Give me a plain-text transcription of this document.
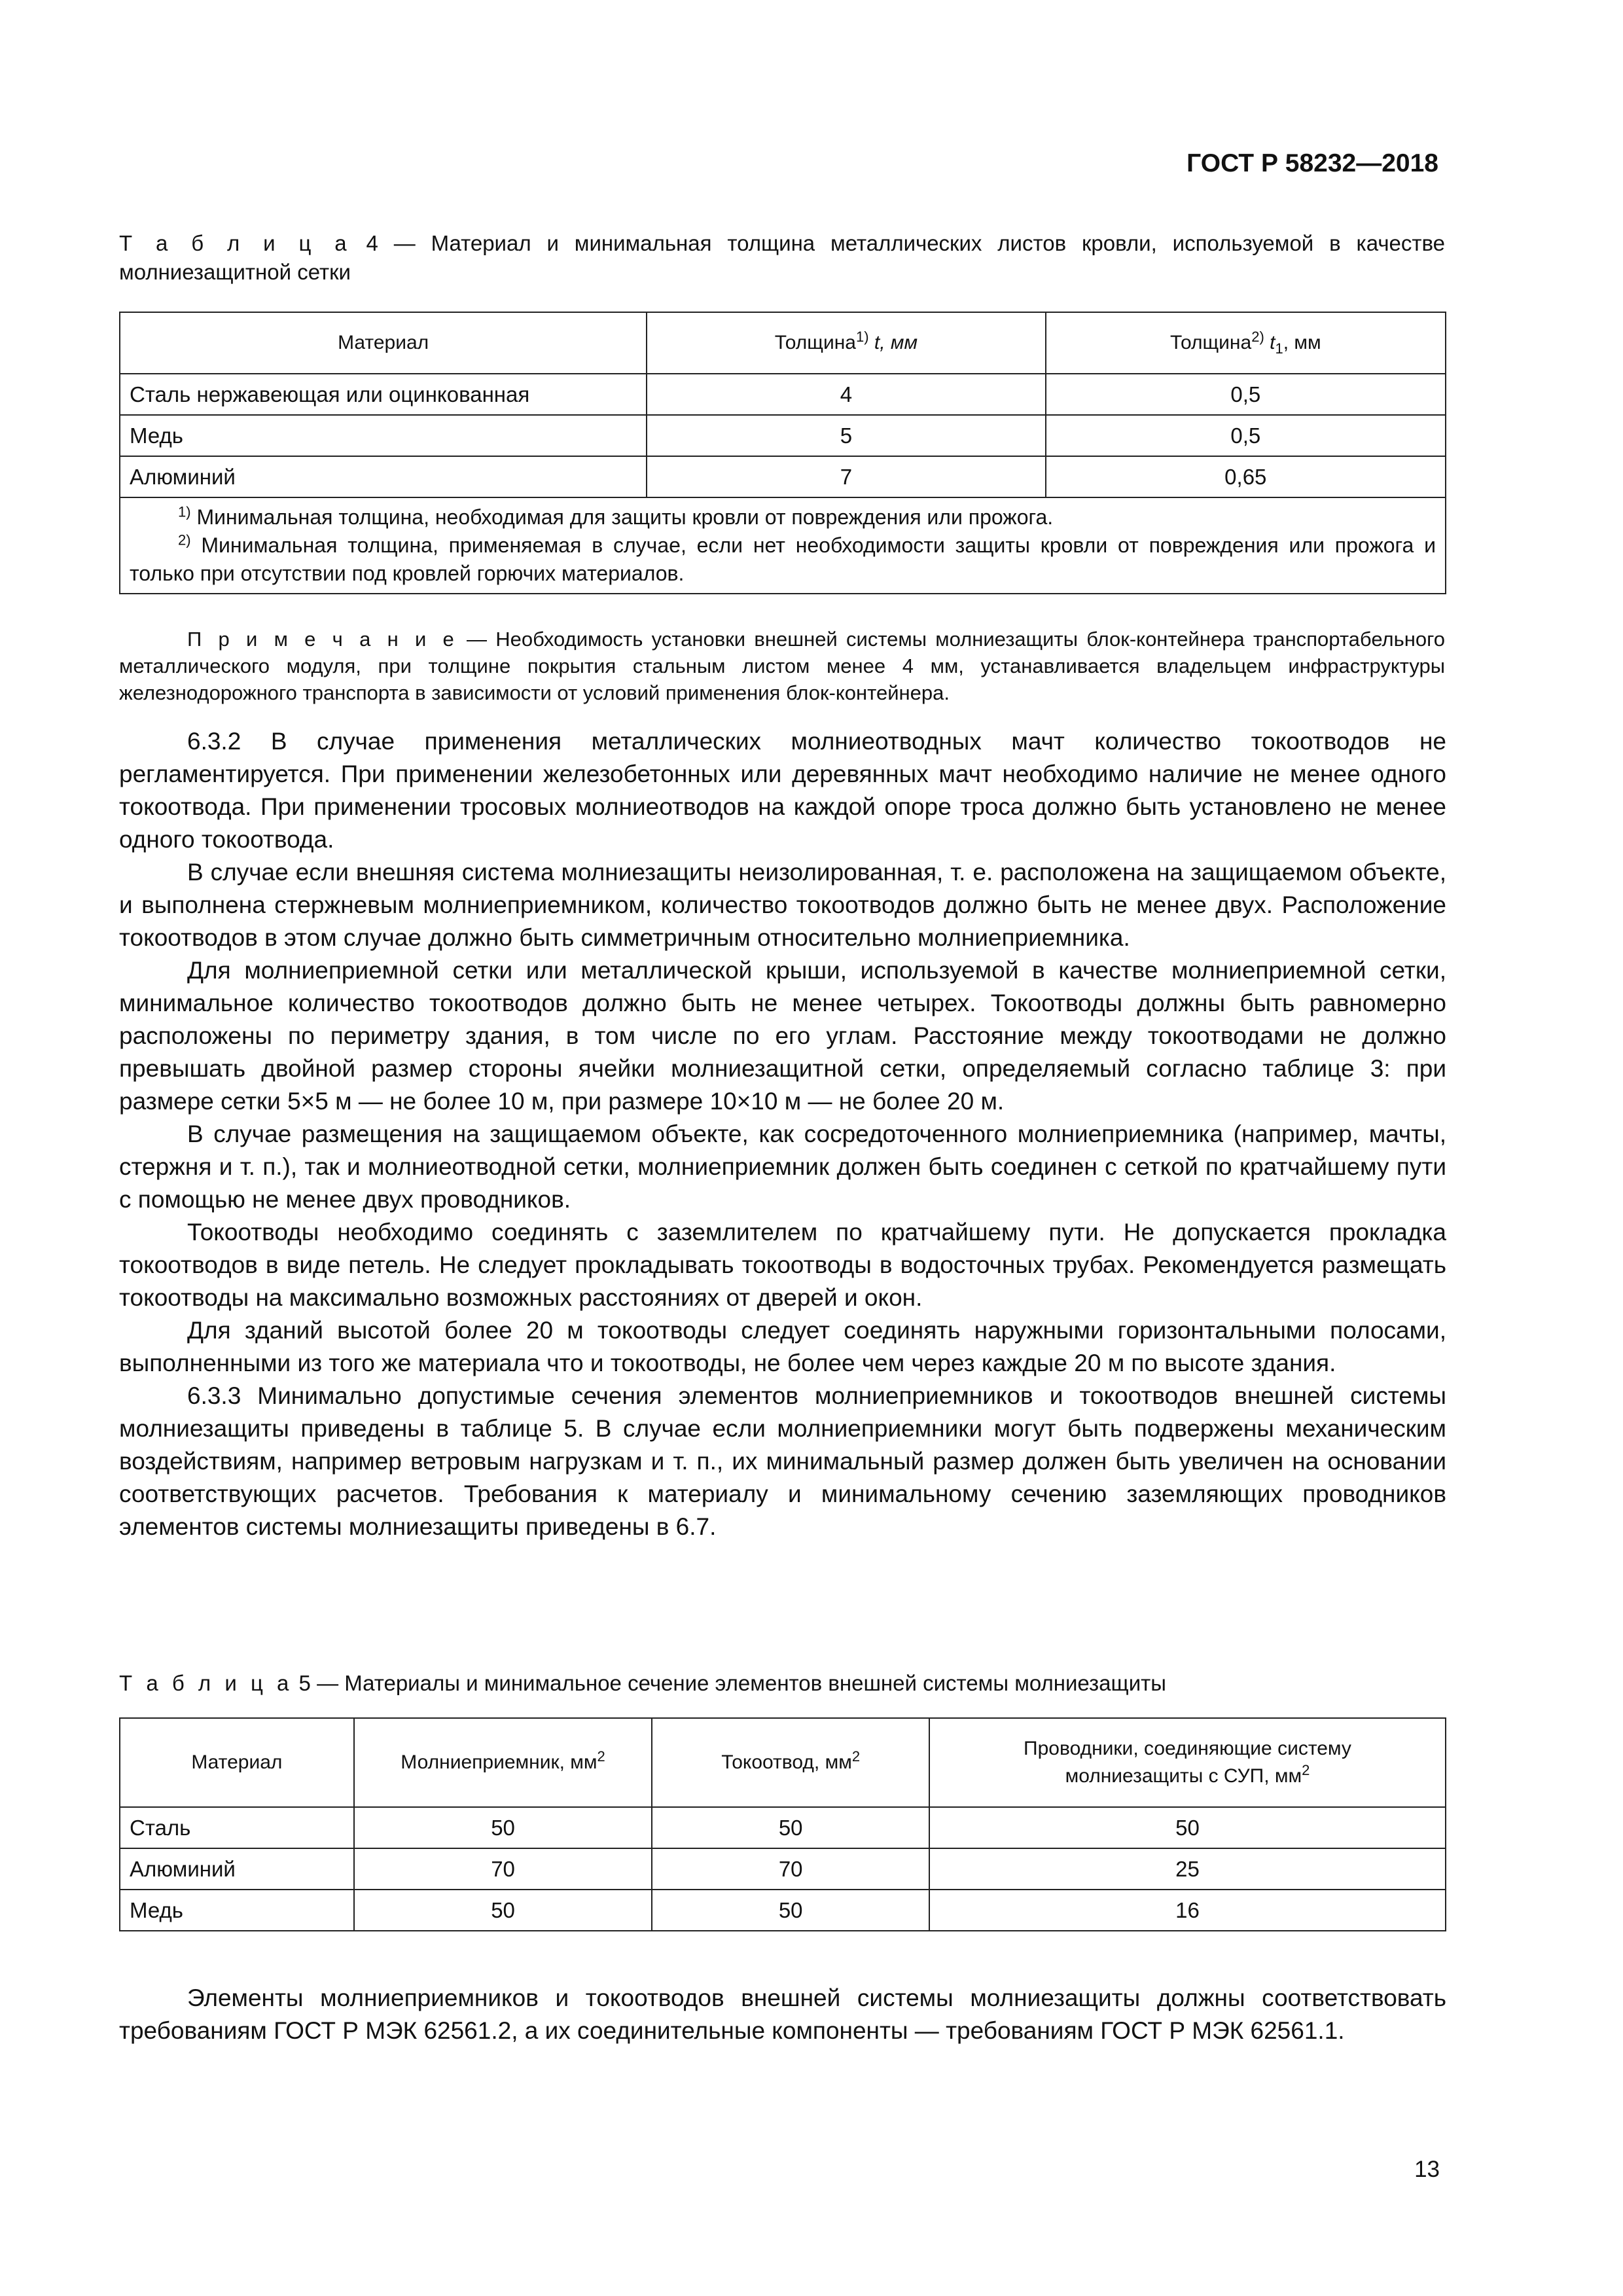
ГОСТ Р 58232—2018
Т а б л и ц а 4 — Материал и минимальная толщина металлических листов кровли, используемой в качестве молниезащитной сетки
Материал	Толщина$^{1)}$ t, мм	Толщина$^{2)}$ $t_1$, мм
Сталь нержавеющая или оцинкованная	4	0,5
Медь	5	0,5
Алюминий	7	0,65

$^{1)}$ Минимальная толщина, необходимая для защиты кровли от повреждения или прожога.

$^{2)}$ Минимальная толщина, применяемая в случае, если нет необходимости защиты кровли от повреждения или прожога и только при отсутствии под кровлей горючих материалов.		

П р и м е ч а н и е — Необходимость установки внешней системы молниезащиты блок-контейнера транспортабельного металлического модуля, при толщине покрытия стальным листом менее 4 мм, устанавливается владельцем инфраструктуры железнодорожного транспорта в зависимости от условий применения блок-контейнера.

6.3.2 В случае применения металлических молниеотводных мачт количество токоотводов не регламентируется. При применении железобетонных или деревянных мачт необходимо наличие не менее одного токоотвода. При применении тросовых молниеотводов на каждой опоре троса должно быть установлено не менее одного токоотвода.

В случае если внешняя система молниезащиты неизолированная, т. е. расположена на защищаемом объекте, и выполнена стержневым молниеприемником, количество токоотводов должно быть не менее двух. Расположение токоотводов в этом случае должно быть симметричным относительно молниеприемника.

Для молниеприемной сетки или металлической крыши, используемой в качестве молниеприемной сетки, минимальное количество токоотводов должно быть не менее четырех. Токоотводы должны быть равномерно расположены по периметру здания, в том числе по его углам. Расстояние между токоотводами не должно превышать двойной размер стороны ячейки молниезащитной сетки, определяемый согласно таблице 3: при размере сетки 5×5 м — не более 10 м, при размере 10×10 м — не более 20 м.

В случае размещения на защищаемом объекте, как сосредоточенного молниеприемника (например, мачты, стержня и т. п.), так и молниеотводной сетки, молниеприемник должен быть соединен с сеткой по кратчайшему пути с помощью не менее двух проводников.

Токоотводы необходимо соединять с заземлителем по кратчайшему пути. Не допускается прокладка токоотводов в виде петель. Не следует прокладывать токоотводы в водосточных трубах. Рекомендуется размещать токоотводы на максимально возможных расстояниях от дверей и окон.

Для зданий высотой более 20 м токоотводы следует соединять наружными горизонтальными полосами, выполненными из того же материала что и токоотводы, не более чем через каждые 20 м по высоте здания.

6.3.3 Минимально допустимые сечения элементов молниеприемников и токоотводов внешней системы молниезащиты приведены в таблице 5. В случае если молниеприемники могут быть подвержены механическим воздействиям, например ветровым нагрузкам и т. п., их минимальный размер должен быть увеличен на основании соответствующих расчетов. Требования к материалу и минимальному сечению заземляющих проводников элементов системы молниезащиты приведены в 6.7.

Т а б л и ц а 5 — Материалы и минимальное сечение элементов внешней системы молниезащиты
Материал	Молниеприемник, $мм^2$	Токоотвод, $мм^2$	Проводники, соединяющие систему
молниезащиты с СУП, $мм^2$
Сталь	50	50	50
Алюминий	70	70	25
Медь	50	50	16

Элементы молниеприемников и токоотводов внешней системы молниезащиты должны соответствовать требованиям ГОСТ Р МЭК 62561.2, а их соединительные компоненты — требованиям ГОСТ Р МЭК 62561.1.

13
